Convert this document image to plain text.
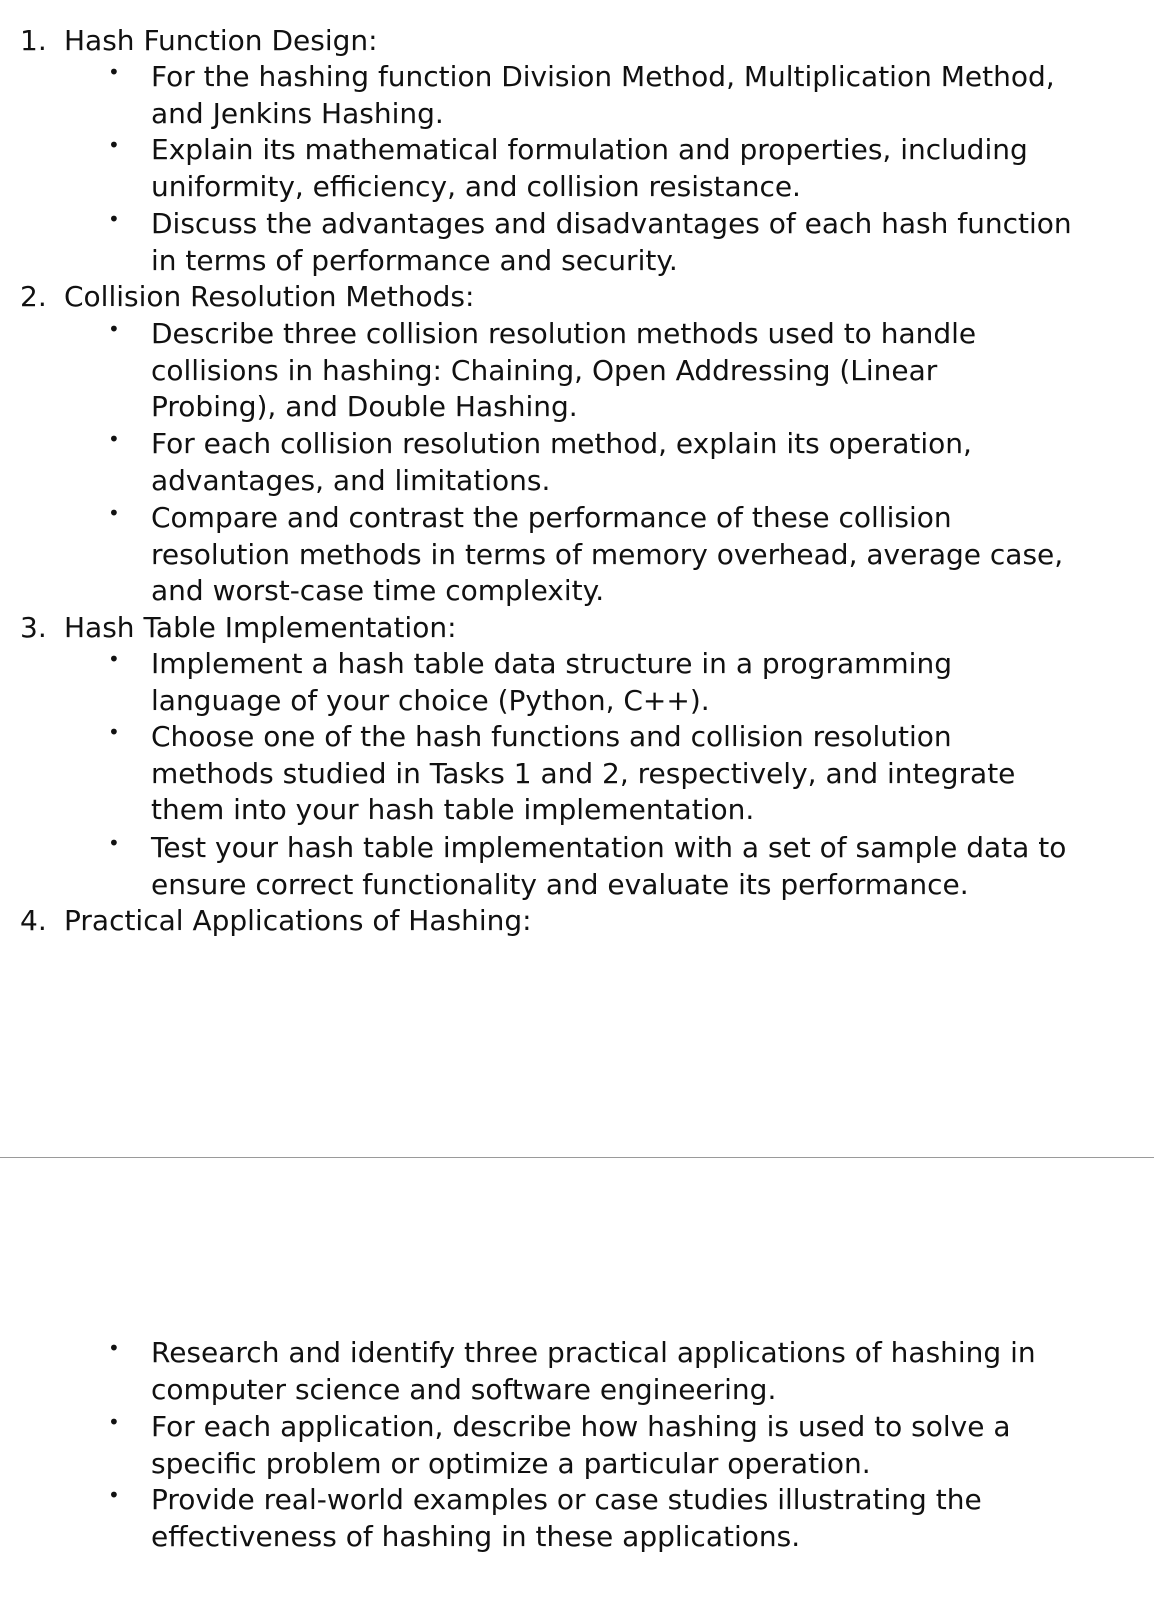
1. Hash Function Design:
• For the hashing function Division Method, Multiplication Method,
and Jenkins Hashing.
• Explain its mathematical formulation and properties, including
uniformity, efficiency, and collision resistance.
• Discuss the advantages and disadvantages of each hash function
in terms of performance and security.
2. Collision Resolution Methods:
• Describe three collision resolution methods used to handle
collisions in hashing: Chaining, Open Addressing (Linear
Probing), and Double Hashing.
• For each collision resolution method, explain its operation,
advantages, and limitations.
• Compare and contrast the performance of these collision
resolution methods in terms of memory overhead, average case,
and worst-case time complexity.
3. Hash Table Implementation:
• Implement a hash table data structure in a programming
language of your choice (Python, C++).
• Choose one of the hash functions and collision resolution
methods studied in Tasks 1 and 2, respectively, and integrate
them into your hash table implementation.
• Test your hash table implementation with a set of sample data to
ensure correct functionality and evaluate its performance.
4. Practical Applications of Hashing:
• Research and identify three practical applications of hashing in
computer science and software engineering.
• For each application, describe how hashing is used to solve a
specific problem or optimize a particular operation.
• Provide real-world examples or case studies illustrating the
effectiveness of hashing in these applications.
